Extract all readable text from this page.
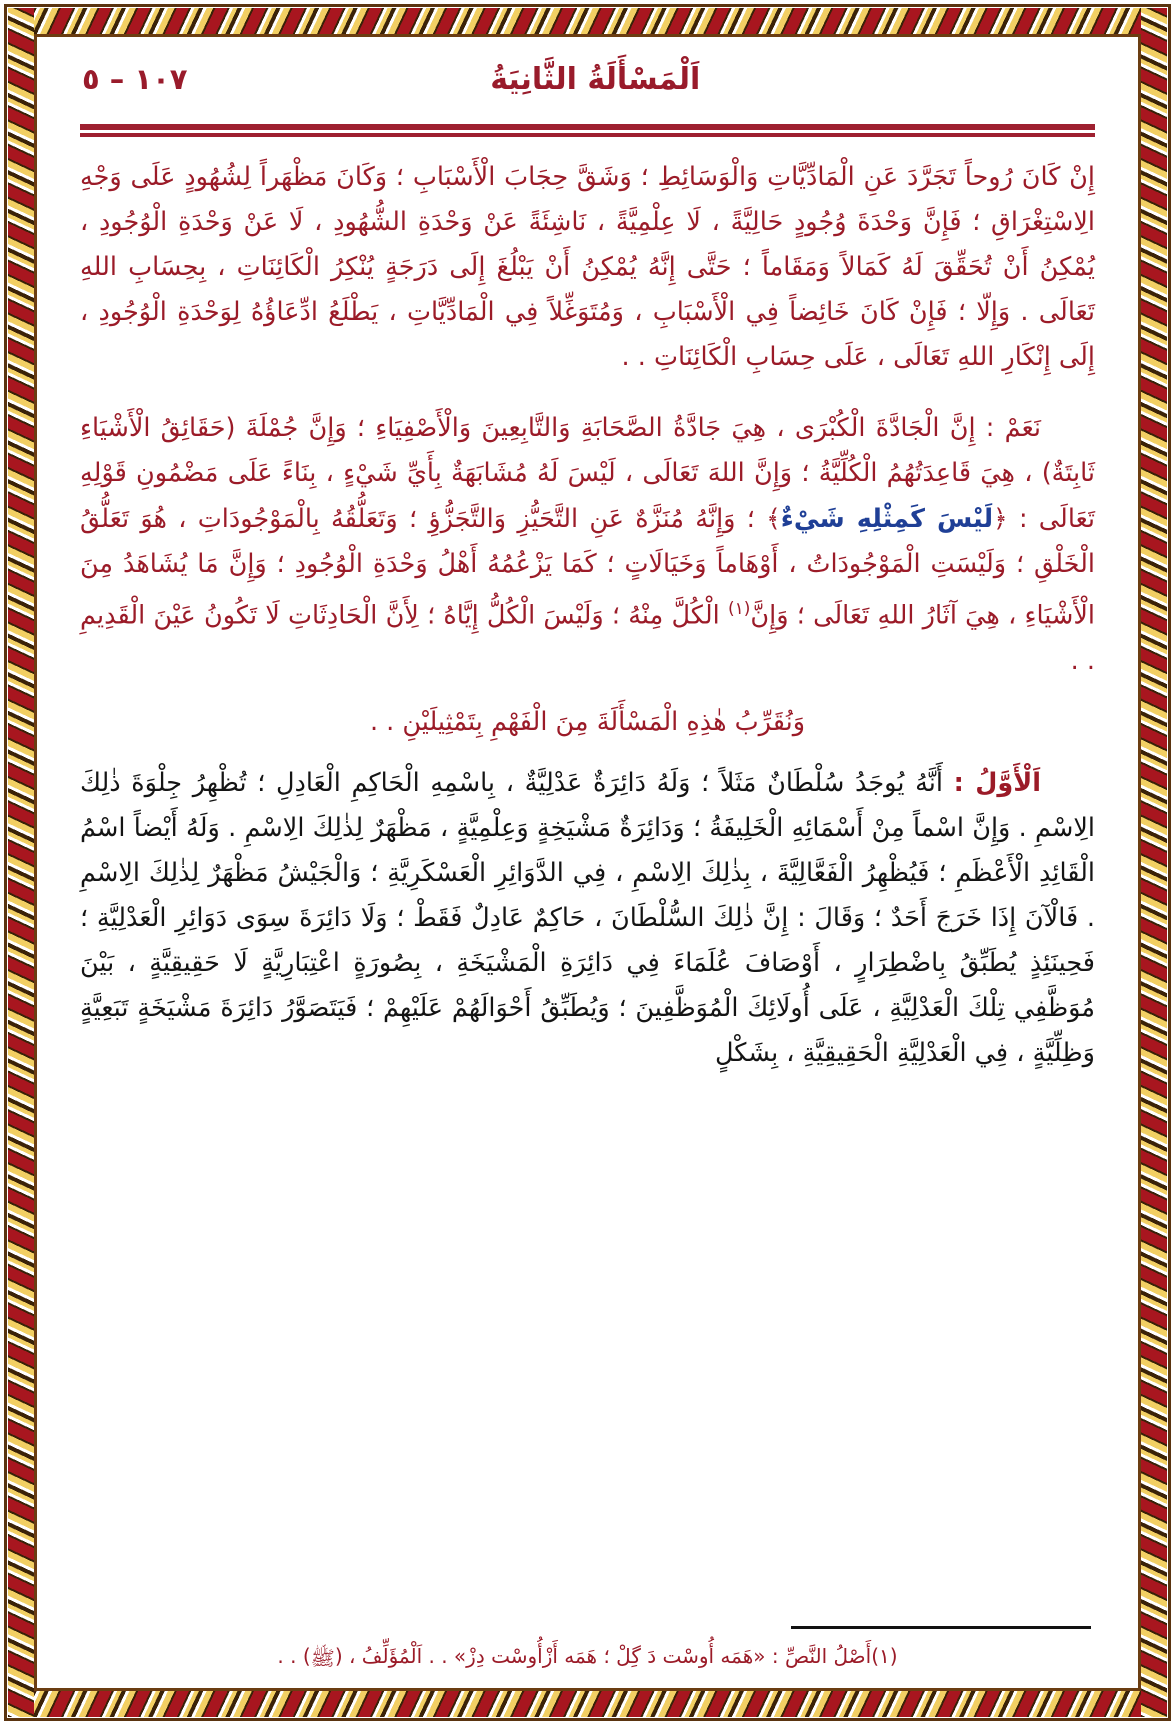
اَلْمَسْأَلَةُ الثَّانِيَةُ
١٠٧ – ٥

إِنْ كَانَ رُوحاً تَجَرَّدَ عَنِ الْمَادِّيَّاتِ وَالْوَسَائِطِ ؛ وَشَقَّ حِجَابَ الْأَسْبَابِ ؛ وَكَانَ مَظْهَراً لِشُهُودٍ عَلَى وَجْهِ الِاسْتِغْرَاقِ ؛ فَإِنَّ وَحْدَةَ وُجُودٍ حَالِيَّةً ، لَا عِلْمِيَّةً ، نَاشِئَةً عَنْ وَحْدَةِ الشُّهُودِ ، لَا عَنْ وَحْدَةِ الْوُجُودِ ، يُمْكِنُ أَنْ تُحَقِّقَ لَهُ كَمَالاً وَمَقَاماً ؛ حَتَّى إِنَّهُ يُمْكِنُ أَنْ يَبْلُغَ إِلَى دَرَجَةٍ يُنْكِرُ الْكَائِنَاتِ ، بِحِسَابِ اللهِ تَعَالَى . وَإِلّا ؛ فَإِنْ كَانَ خَائِضاً فِي الْأَسْبَابِ ، وَمُتَوَغِّلاً فِي الْمَادِّيَّاتِ ، يَطْلَعُ ادِّعَاؤُهُ لِوَحْدَةِ الْوُجُودِ ، إِلَى إِنْكَارِ اللهِ تَعَالَى ، عَلَى حِسَابِ الْكَائِنَاتِ . .

نَعَمْ : إِنَّ الْجَادَّةَ الْكُبْرَى ، هِيَ جَادَّةُ الصَّحَابَةِ وَالتَّابِعِينَ وَالْأَصْفِيَاءِ ؛ وَإِنَّ جُمْلَةَ (حَقَائِقُ الْأَشْيَاءِ ثَابِتَةٌ) ، هِيَ قَاعِدَتُهُمُ الْكُلِّيَّةُ ؛ وَإِنَّ اللهَ تَعَالَى ، لَيْسَ لَهُ مُشَابَهَةٌ بِأَيِّ شَيْءٍ ، بِنَاءً عَلَى مَضْمُونِ قَوْلِهِ تَعَالَى : ﴿لَيْسَ كَمِثْلِهِ شَيْءٌ﴾ ؛ وَإِنَّهُ مُنَزَّهٌ عَنِ التَّحَيُّزِ وَالتَّجَزُّؤِ ؛ وَتَعَلُّقُهُ بِالْمَوْجُودَاتِ ، هُوَ تَعَلُّقُ الْخَلْقِ ؛ وَلَيْسَتِ الْمَوْجُودَاتُ ، أَوْهَاماً وَخَيَالَاتٍ ؛ كَمَا يَزْعُمُهُ أَهْلُ وَحْدَةِ الْوُجُودِ ؛ وَإِنَّ مَا يُشَاهَدُ مِنَ الْأَشْيَاءِ ، هِيَ آثَارُ اللهِ تَعَالَى ؛ وَإِنَّ$^{(١)}$ الْكُلَّ مِنْهُ ؛ وَلَيْسَ الْكُلُّ إِيَّاهُ ؛ لِأَنَّ الْحَادِثَاتِ لَا تَكُونُ عَيْنَ الْقَدِيمِ . .

وَنُقَرِّبُ هٰذِهِ الْمَسْأَلَةَ مِنَ الْفَهْمِ بِتَمْثِيلَيْنِ . .

اَلْأَوَّلُ : أَنَّهُ يُوجَدُ سُلْطَانٌ مَثَلاً ؛ وَلَهُ دَائِرَةٌ عَدْلِيَّةٌ ، بِاسْمِهِ الْحَاكِمِ الْعَادِلِ ؛ تُظْهِرُ جِلْوَةَ ذٰلِكَ الِاسْمِ . وَإِنَّ اسْماً مِنْ أَسْمَائِهِ الْخَلِيفَةُ ؛ وَدَائِرَةٌ مَشْيَخِةٍ وَعِلْمِيَّةٍ ، مَظْهَرٌ لِذٰلِكَ الِاسْمِ . وَلَهُ أَيْضاً اسْمُ الْقَائِدِ الْأَعْظَمِ ؛ فَيُظْهِرُ الْفَعَّالِيَّةَ ، بِذٰلِكَ الِاسْمِ ، فِي الدَّوَائِرِ الْعَسْكَرِيَّةِ ؛ وَالْجَيْشُ مَظْهَرٌ لِذٰلِكَ الِاسْمِ . فَالْآنَ إِذَا خَرَجَ أَحَدٌ ؛ وَقَالَ : إِنَّ ذٰلِكَ السُّلْطَانَ ، حَاكِمٌ عَادِلٌ فَقَطْ ؛ وَلَا دَائِرَةَ سِوَى دَوَائِرِ الْعَدْلِيَّةِ ؛ فَحِينَئِذٍ يُطَبِّقُ بِاضْطِرَارٍ ، أَوْصَافَ عُلَمَاءَ فِي دَائِرَةِ الْمَشْيَخَةِ ، بِصُورَةٍ اعْتِبَارِيَّةٍ لَا حَقِيقِيَّةٍ ، بَيْنَ مُوَظَّفِي تِلْكَ الْعَدْلِيَّةِ ، عَلَى أُولَائِكَ الْمُوَظَّفِينَ ؛ وَيُطَبِّقُ أَحْوَالَهُمْ عَلَيْهِمْ ؛ فَيَتَصَوَّرُ دَائِرَةَ مَشْيَخَةٍ تَبَعِيَّةٍ وَظِلِّيَّةٍ ، فِي الْعَدْلِيَّةِ الْحَقِيقِيَّةِ ، بِشَكْلٍ

(١)أَصْلُ النَّصِّ : «هَمَه أُوسْت دَ گِلْ ؛ هَمَه أَزْأُوسْت دِزْ» . . اَلْمُؤَلِّفُ ، (ﷺ) . .
